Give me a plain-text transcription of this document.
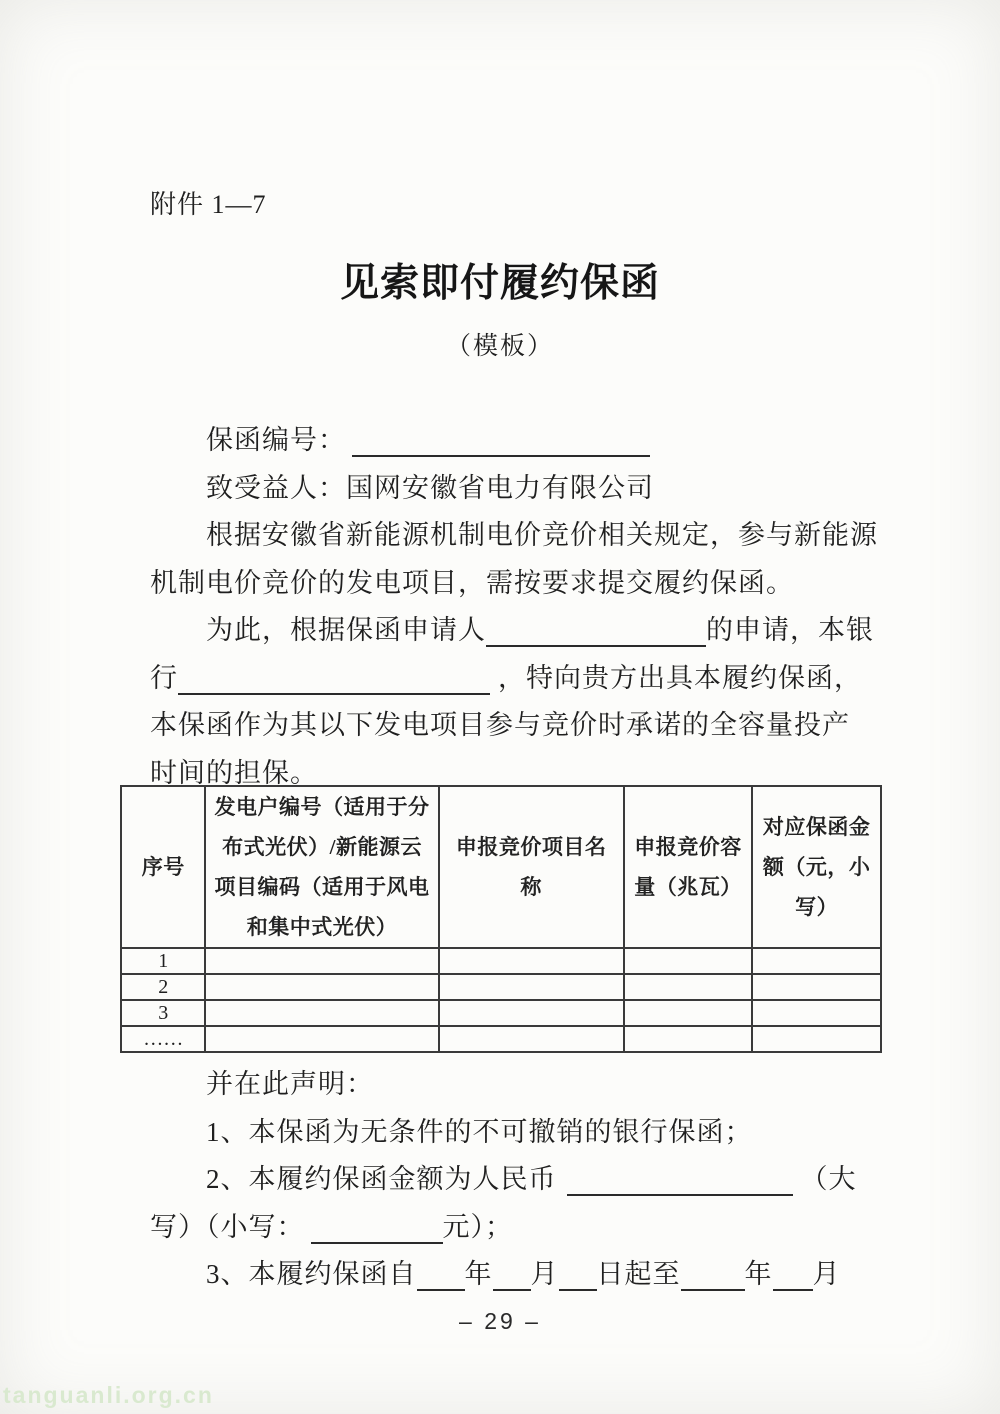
附件 1—7
见索即付履约保函
（模板）
保函编号：
致受益人：国网安徽省电力有限公司
根据安徽省新能源机制电价竞价相关规定，参与新能源
机制电价竞价的发电项目，需按要求提交履约保函。
为此，根据保函申请人	的申请，本银
行	，特向贵方出具本履约保函，
本保函作为其以下发电项目参与竞价时承诺的全容量投产
时间的担保。
序号	发电户编号（适用于分布式光伏）/新能源云项目编码（适用于风电和集中式光伏）	申报竞价项目名称	申报竞价容量（兆瓦）	对应保函金额（元，小写）
1				
2				
3				
……				
并在此声明：
1、本保函为无条件的不可撤销的银行保函；
2、本履约保函金额为人民币	（大
写）（小写：	元）；
3、本履约保函自 年 月 日起至 年 月
– 29 –
tanguanli.org.cn
